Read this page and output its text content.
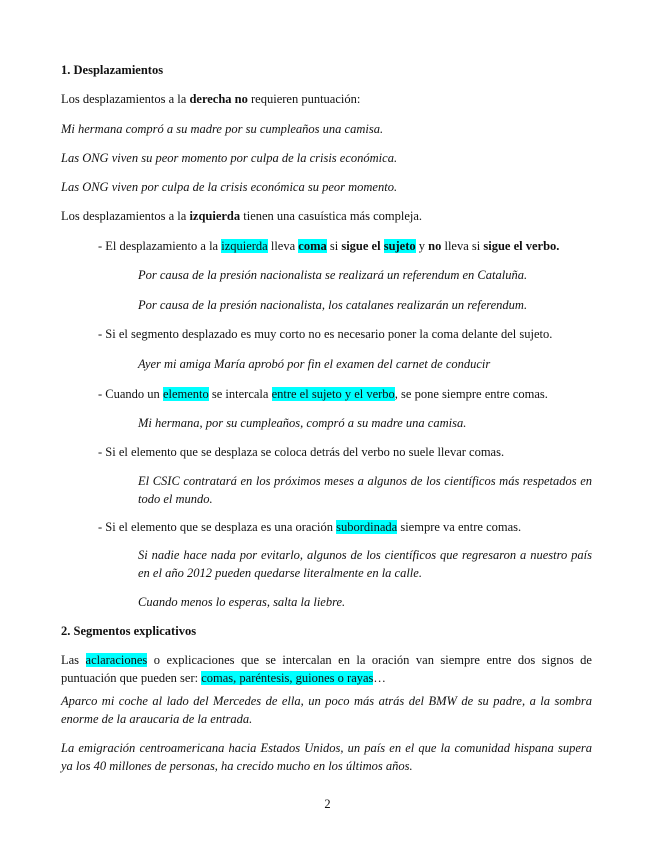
1. Desplazamientos
Los desplazamientos a la derecha no requieren puntuación:
Mi hermana compró a su madre por su cumpleaños una camisa.
Las ONG viven su peor momento por culpa de la crisis económica.
Las ONG viven por culpa de la crisis económica su peor momento.
Los desplazamientos a la izquierda tienen una casuística más compleja.
- El desplazamiento a la izquierda lleva coma si sigue el sujeto y no lleva si sigue el verbo.
Por causa de la presión nacionalista se realizará un referendum en Cataluña.
Por causa de la presión nacionalista, los catalanes realizarán un referendum.
- Si el segmento desplazado es muy corto no es necesario poner la coma delante del sujeto.
Ayer mi amiga María aprobó por fin el examen del carnet de conducir
- Cuando un elemento se intercala entre el sujeto y el verbo, se pone siempre entre comas.
Mi hermana, por su cumpleaños, compró a su madre una camisa.
- Si el elemento que se desplaza se coloca detrás del verbo no suele llevar comas.
El CSIC contratará en los próximos meses a algunos de los científicos más respetados en todo el mundo.
- Si el elemento que se desplaza es una oración subordinada siempre va entre comas.
Si nadie hace nada por evitarlo, algunos de los científicos que regresaron a nuestro país en el año 2012 pueden quedarse literalmente en la calle.
Cuando menos lo esperas, salta la liebre.
2. Segmentos explicativos
Las aclaraciones o explicaciones que se intercalan en la oración van siempre entre dos signos de puntuación que pueden ser: comas, paréntesis, guiones o rayas…
Aparco mi coche al lado del Mercedes de ella, un poco más atrás del BMW de su padre, a la sombra enorme de la araucaria de la entrada.
La emigración centroamericana hacia Estados Unidos, un país en el que la comunidad hispana supera ya los 40 millones de personas, ha crecido mucho en los últimos años.
2
